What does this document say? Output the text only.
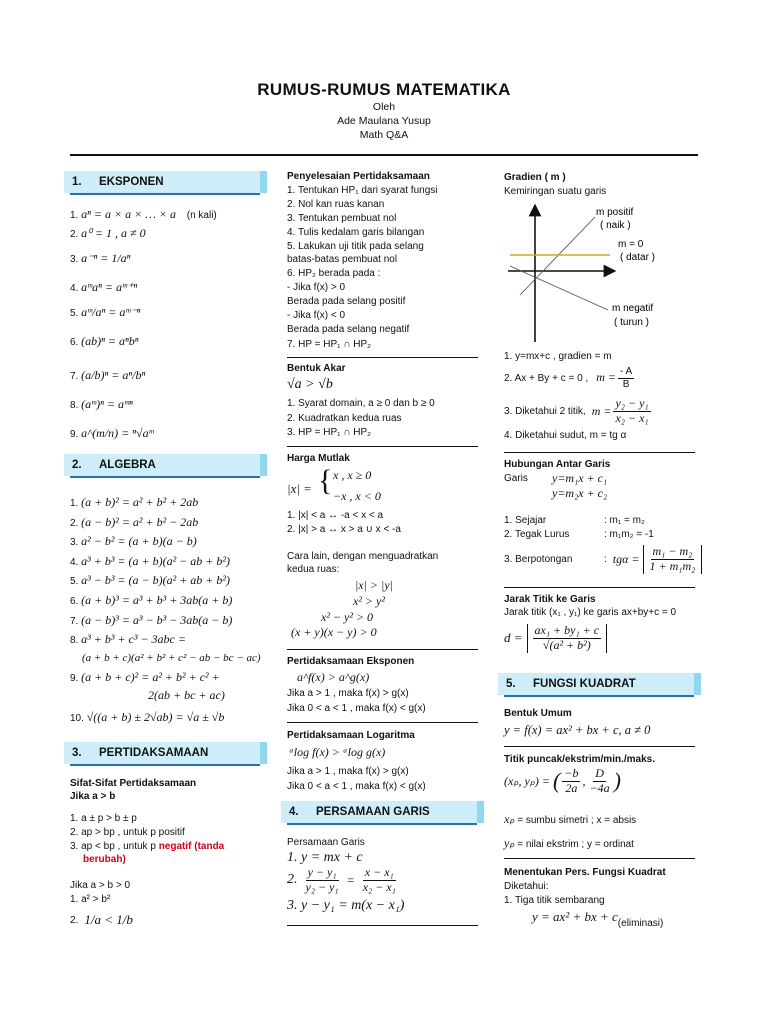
RUMUS-RUMUS MATEMATIKA
Oleh
Ade Maulana Yusup
Math Q&A
1.	EKSPONEN
1. aⁿ = a × a × … × a (n kali)
2. a⁰ = 1 , a ≠ 0
3. a⁻ⁿ = 1/aⁿ
4. aᵐaⁿ = aᵐ⁺ⁿ
5. aᵐ/aⁿ = aᵐ⁻ⁿ
6. (ab)ⁿ = aⁿbⁿ
7. (a/b)ⁿ = aⁿ/bⁿ
8. (aᵐ)ⁿ = aᵐⁿ
9. a^(m/n) = ⁿ√aᵐ
2.	ALGEBRA
1. (a + b)² = a² + b² + 2ab
2. (a − b)² = a² + b² − 2ab
3. a² − b² = (a + b)(a − b)
4. a³ + b³ = (a + b)(a² − ab + b²)
5. a³ − b³ = (a − b)(a² + ab + b²)
6. (a + b)³ = a³ + b³ + 3ab(a + b)
7. (a − b)³ = a³ − b³ − 3ab(a − b)
8. a³ + b³ + c³ − 3abc =
(a + b + c)(a² + b² + c² − ab − bc − ac)
9. (a + b + c)² = a² + b² + c² +
2(ab + bc + ac)
10. √((a + b) ± 2√ab) = √a ± √b
3.	PERTIDAKSAMAAN
Sifat-Sifat Pertidaksamaan
Jika a > b
1. a ± p > b ± p
2. ap > bp , untuk p positif
3. ap < bp , untuk p negatif (tanda
berubah)
Jika a > b > 0
1. a² > b²
2. 1/a < 1/b
Penyelesaian Pertidaksamaan
1. Tentukan HP₁ dari syarat fungsi
2. Nol kan ruas kanan
3. Tentukan pembuat nol
4. Tulis kedalam garis bilangan
5. Lakukan uji titik pada selang
batas-batas pembuat nol
6. HP₂ berada pada :
- Jika f(x) > 0
Berada pada selang positif
- Jika f(x) < 0
Berada pada selang negatif
7. HP = HP₁ ∩ HP₂
Bentuk Akar
√a > √b
1. Syarat domain, a ≥ 0 dan b ≥ 0
2. Kuadratkan kedua ruas
3. HP = HP₁ ∩ HP₂
Harga Mutlak
|x| = { x , x ≥ 0
−x , x < 0
1. |x| < a ↔ -a < x < a
2. |x| > a ↔ x > a ∪ x < -a
Cara lain, dengan menguadratkan
kedua ruas:
|x| > |y|
x² > y²
x² − y² > 0
(x + y)(x − y) > 0
Pertidaksamaan Eksponen
a^f(x) > a^g(x)
Jika a > 1 , maka f(x) > g(x)
Jika 0 < a < 1 , maka f(x) < g(x)
Pertidaksamaan Logaritma
ᵃlog f(x) > ᵃlog g(x)
Jika a > 1 , maka f(x) > g(x)
Jika 0 < a < 1 , maka f(x) < g(x)
4.	PERSAMAAN GARIS
Persamaan Garis
1. y = mx + c
2. $\frac{\text{y − y₁}}{\text{y₂ − y₁}} = \frac{\text{x − x₁}}{\text{x₂ − x₁}}$
3. y − y₁ = m(x − x₁)
Gradien ( m )
Kemiringan suatu garis
m positif
( naik )
m = 0
( datar )
m negatif
( turun )
1. y=mx+c , gradien = m
2. Ax + By + c = 0 , $m = \frac{- A}{B}$
3. Diketahui 2 titik, $m = \frac{\text{y₂ − y₁}}{\text{x₂ − x₁}}$
4. Diketahui sudut, m = tg α
Hubungan Antar Garis
Garis y=m₁x + c₁
y=m₂x + c₂
1. Sejajar	: m₁ = m₂
2. Tegak Lurus	: m₁m₂ = -1
3. Berpotongan	: $tg\alpha = \frac{\text{m₁ − m₂}}{\text{1 + m₁m₂}}$
Jarak Titik ke Garis
Jarak titik (x₁ , y₁) ke garis ax+by+c = 0
$d = \frac{\text{ax₁ + by₁ + c}}{\text{√(a² + b²)}}$
5.	FUNGSI KUADRAT
Bentuk Umum
y = f(x) = ax² + bx + c, a ≠ 0
Titik puncak/ekstrim/min./maks.
(xₚ, yₚ) = ( $\frac{-b}{2a}$ , $\frac{D}{-4a}$ )
xₚ = sumbu simetri ; x = absis
yₚ = nilai ekstrim ; y = ordinat
Menentukan Pers. Fungsi Kuadrat
Diketahui:
1. Tiga titik sembarang
y = ax² + bx + c(eliminasi)
